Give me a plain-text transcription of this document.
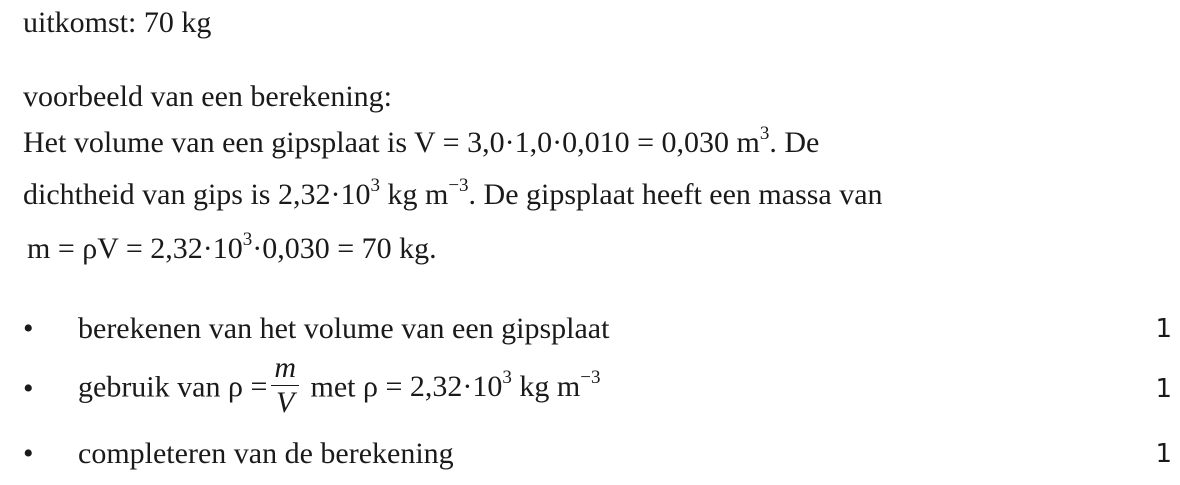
uitkomst: 70 kg
voorbeeld van een berekening:
Het volume van een gipsplaat is V = 3,0·1,0·0,010 = 0,030 $m^3$. De
dichtheid van gips is $2,32\cdot 10^3$ kg $m^{-3}$. De gipsplaat heeft een massa van
$m = \rho V = 2,32\cdot 10^3\cdot 0,030 = 70$ kg.
• berekenen van het volume van een gipsplaat	1
• gebruik van $\rho = \frac{m}{V}$ met $\rho = 2,32\cdot 10^3$ kg $m^{-3}$	1
• completeren van de berekening	1
